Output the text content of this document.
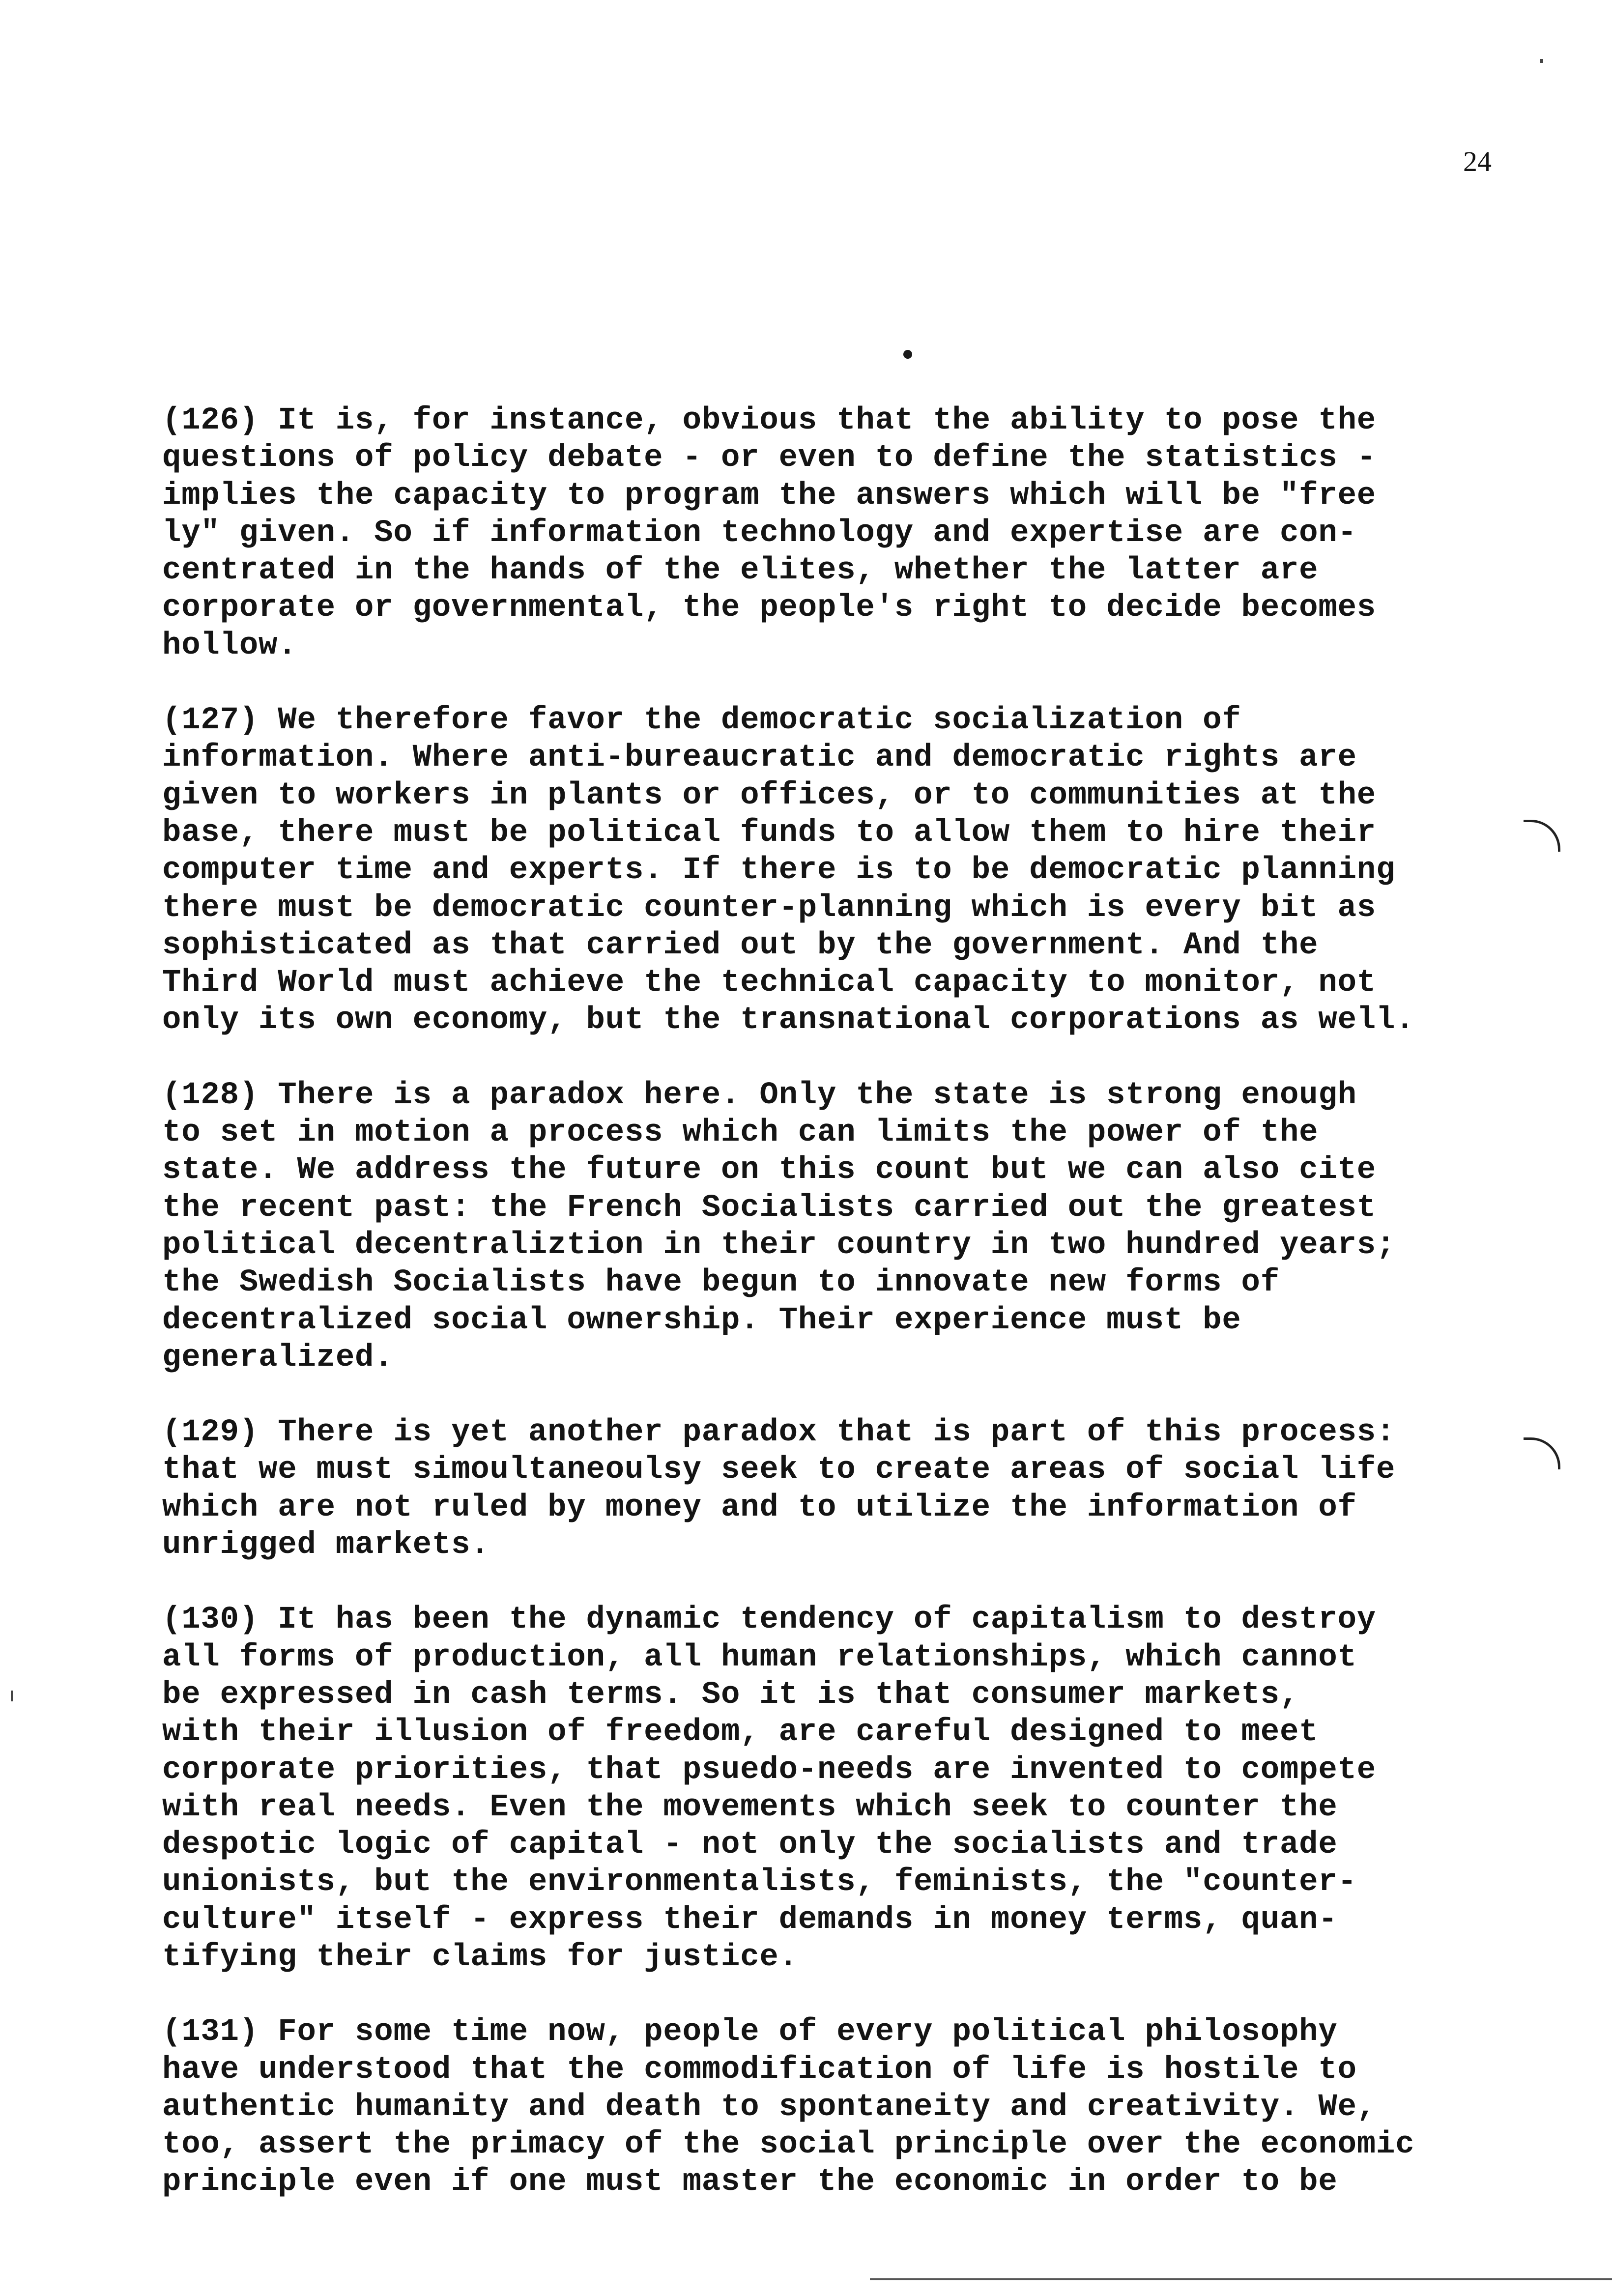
24

(126) It is, for instance, obvious that the ability to pose the
questions of policy debate - or even to define the statistics -
implies the capacity to program the answers which will be "free
ly" given. So if information technology and expertise are con-
centrated in the hands of the elites, whether the latter are
corporate or governmental, the people's right to decide becomes
hollow.

(127) We therefore favor the democratic socialization of
information. Where anti-bureaucratic and democratic rights are
given to workers in plants or offices, or to communities at the
base, there must be political funds to allow them to hire their
computer time and experts. If there is to be democratic planning
there must be democratic counter-planning which is every bit as
sophisticated as that carried out by the government. And the
Third World must achieve the technical capacity to monitor, not
only its own economy, but the transnational corporations as well.

(128) There is a paradox here. Only the state is strong enough
to set in motion a process which can limits the power of the
state. We address the future on this count but we can also cite
the recent past: the French Socialists carried out the greatest
political decentraliztion in their country in two hundred years;
the Swedish Socialists have begun to innovate new forms of
decentralized social ownership. Their experience must be
generalized.

(129) There is yet another paradox that is part of this process:
that we must simoultaneoulsy seek to create areas of social life
which are not ruled by money and to utilize the information of
unrigged markets.

(130) It has been the dynamic tendency of capitalism to destroy
all forms of production, all human relationships, which cannot
be expressed in cash terms. So it is that consumer markets,
with their illusion of freedom, are careful designed to meet
corporate priorities, that psuedo-needs are invented to compete
with real needs. Even the movements which seek to counter the
despotic logic of capital - not only the socialists and trade
unionists, but the environmentalists, feminists, the "counter-
culture" itself - express their demands in money terms, quan-
tifying their claims for justice.

(131) For some time now, people of every political philosophy
have understood that the commodification of life is hostile to
authentic humanity and death to spontaneity and creativity. We,
too, assert the primacy of the social principle over the economic
principle even if one must master the economic in order to be
